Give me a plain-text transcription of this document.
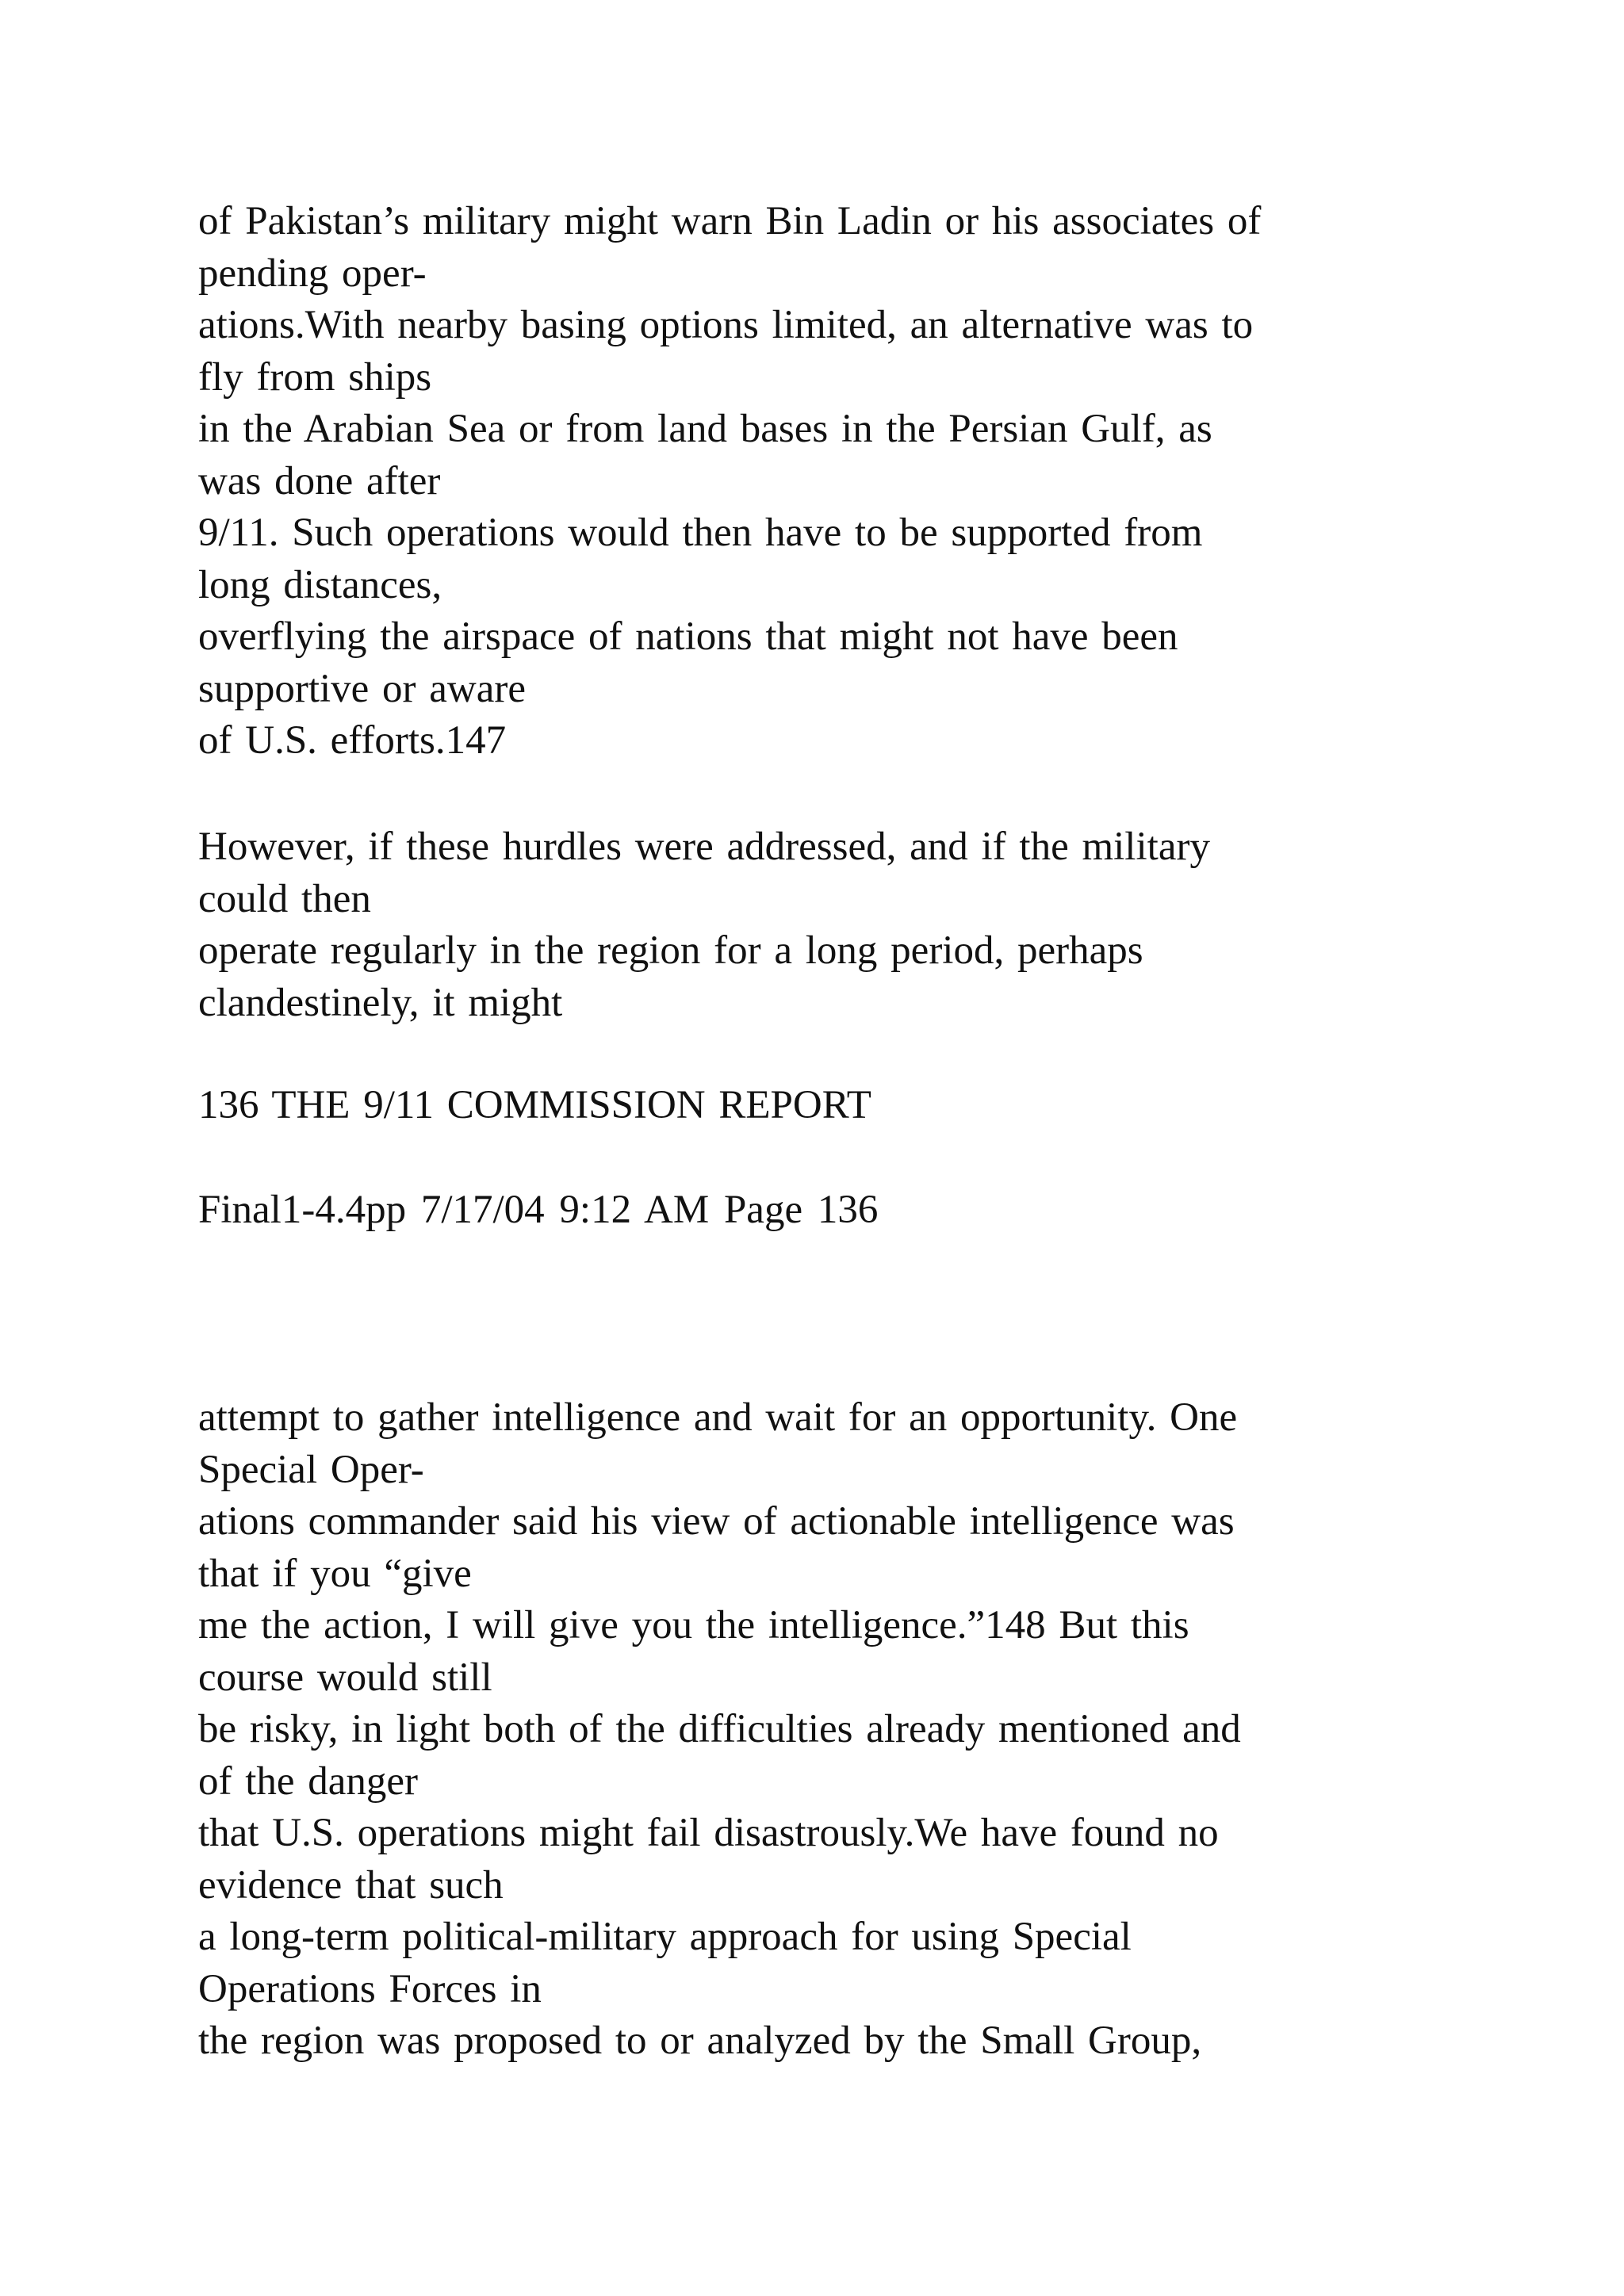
of Pakistan’s military might warn Bin Ladin or his associates of
pending oper-
ations.With nearby basing options limited, an alternative was to
fly from ships
in the Arabian Sea or from land bases in the Persian Gulf, as
was done after
9/11. Such operations would then have to be supported from
long distances,
overflying the airspace of nations that might not have been
supportive or aware
of U.S. efforts.147

However, if these hurdles were addressed, and if the military
could then
operate regularly in the region for a long period, perhaps
clandestinely, it might

136 THE 9/11 COMMISSION REPORT

Final1-4.4pp 7/17/04 9:12 AM Page 136

attempt to gather intelligence and wait for an opportunity. One
Special Oper-
ations commander said his view of actionable intelligence was
that if you “give
me the action, I will give you the intelligence.”148 But this
course would still
be risky, in light both of the difficulties already mentioned and
of the danger
that U.S. operations might fail disastrously.We have found no
evidence that such
a long-term political-military approach for using Special
Operations Forces in
the region was proposed to or analyzed by the Small Group,
